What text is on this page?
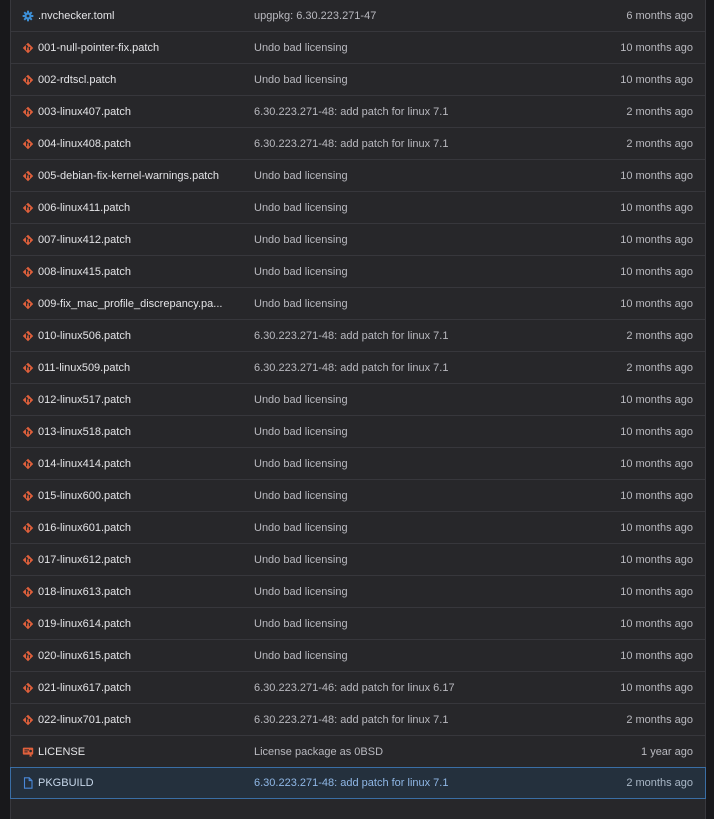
.nvchecker.toml	upgpkg: 6.30.223.271-47	6 months ago
001-null-pointer-fix.patch	Undo bad licensing	10 months ago
002-rdtscl.patch	Undo bad licensing	10 months ago
003-linux407.patch	6.30.223.271-48: add patch for linux 7.1	2 months ago
004-linux408.patch	6.30.223.271-48: add patch for linux 7.1	2 months ago
005-debian-fix-kernel-warnings.patch	Undo bad licensing	10 months ago
006-linux411.patch	Undo bad licensing	10 months ago
007-linux412.patch	Undo bad licensing	10 months ago
008-linux415.patch	Undo bad licensing	10 months ago
009-fix_mac_profile_discrepancy.pa...	Undo bad licensing	10 months ago
010-linux506.patch	6.30.223.271-48: add patch for linux 7.1	2 months ago
011-linux509.patch	6.30.223.271-48: add patch for linux 7.1	2 months ago
012-linux517.patch	Undo bad licensing	10 months ago
013-linux518.patch	Undo bad licensing	10 months ago
014-linux414.patch	Undo bad licensing	10 months ago
015-linux600.patch	Undo bad licensing	10 months ago
016-linux601.patch	Undo bad licensing	10 months ago
017-linux612.patch	Undo bad licensing	10 months ago
018-linux613.patch	Undo bad licensing	10 months ago
019-linux614.patch	Undo bad licensing	10 months ago
020-linux615.patch	Undo bad licensing	10 months ago
021-linux617.patch	6.30.223.271-46: add patch for linux 6.17	10 months ago
022-linux701.patch	6.30.223.271-48: add patch for linux 7.1	2 months ago
LICENSE	License package as 0BSD	1 year ago
PKGBUILD	6.30.223.271-48: add patch for linux 7.1	2 months ago
